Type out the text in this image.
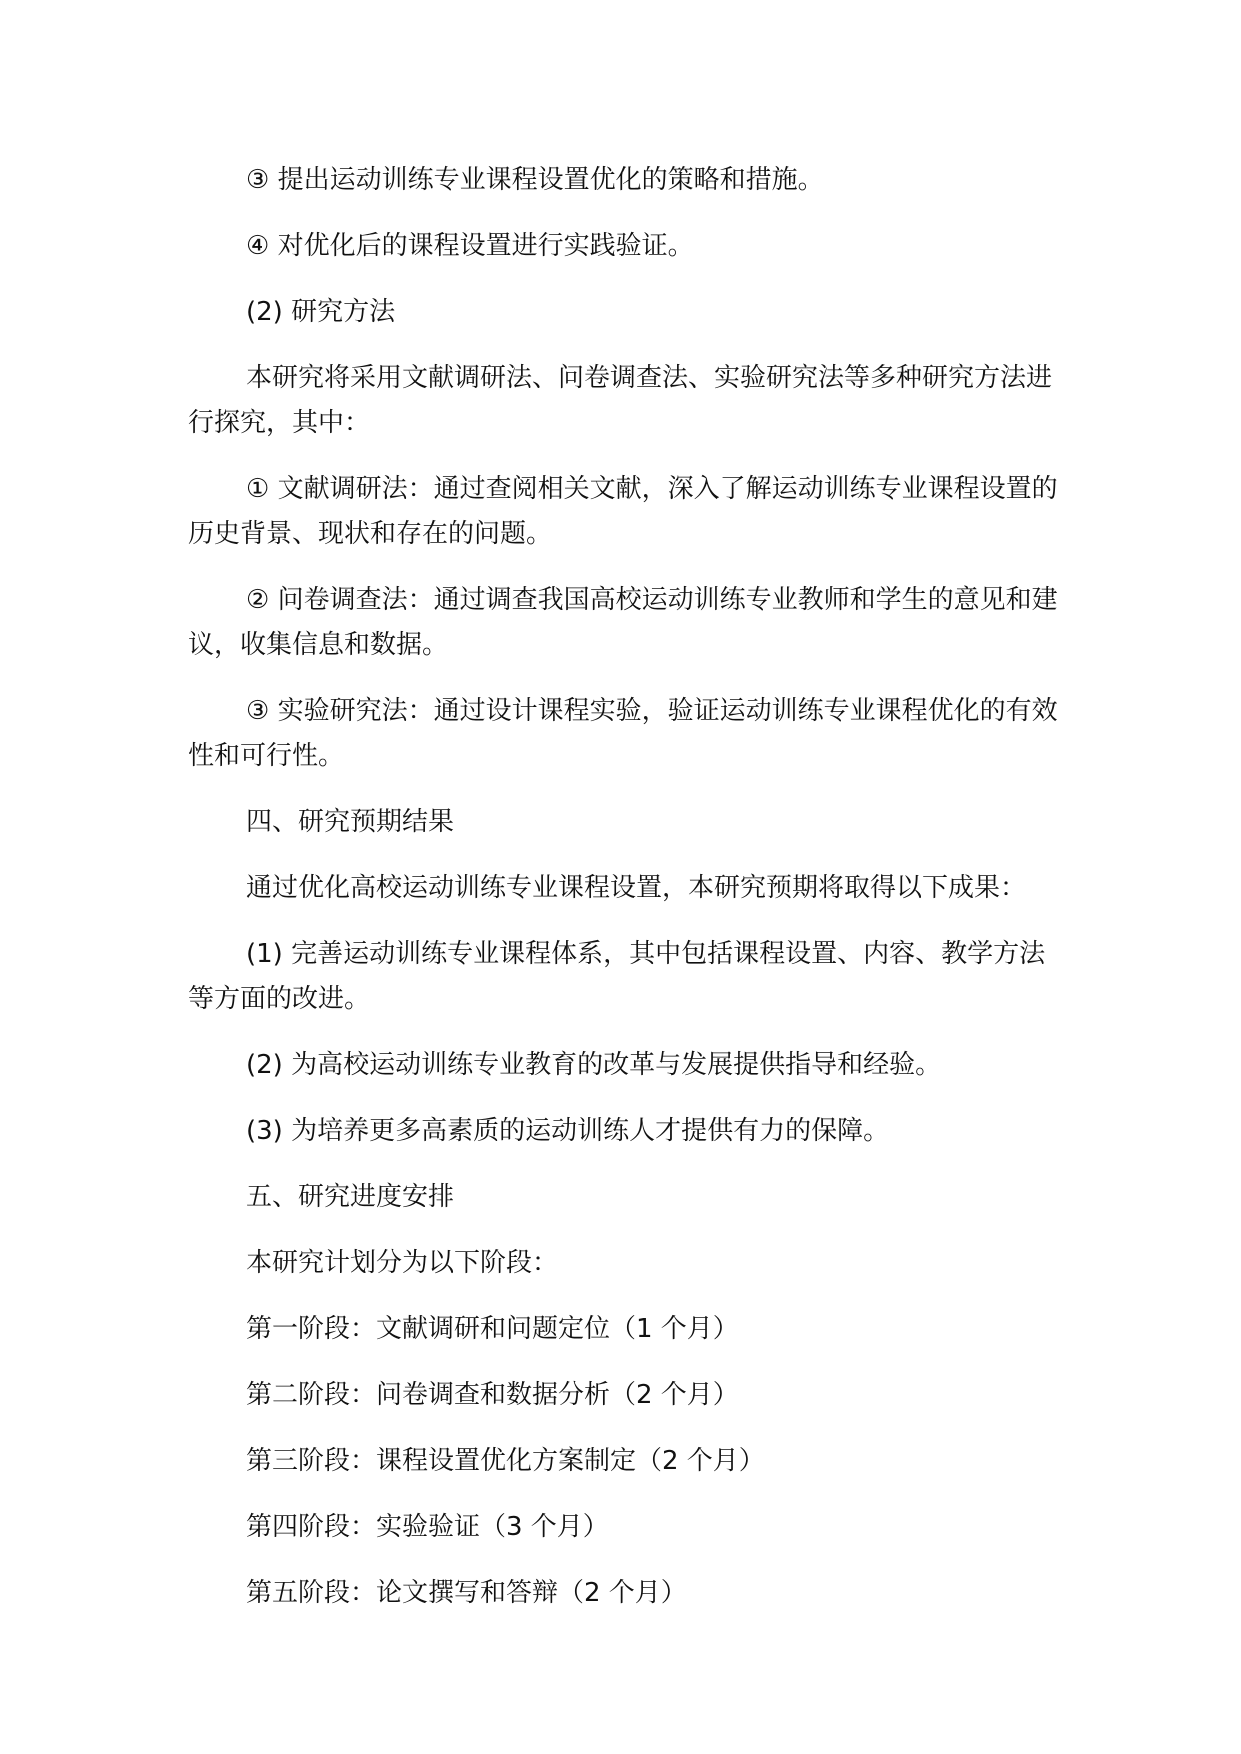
③ 提出运动训练专业课程设置优化的策略和措施。

④ 对优化后的课程设置进行实践验证。

(2) 研究方法

本研究将采用文献调研法、问卷调查法、实验研究法等多种研究方法进行探究，其中：

① 文献调研法：通过查阅相关文献，深入了解运动训练专业课程设置的历史背景、现状和存在的问题。

② 问卷调查法：通过调查我国高校运动训练专业教师和学生的意见和建议，收集信息和数据。

③ 实验研究法：通过设计课程实验，验证运动训练专业课程优化的有效性和可行性。

四、研究预期结果

通过优化高校运动训练专业课程设置，本研究预期将取得以下成果：

(1) 完善运动训练专业课程体系，其中包括课程设置、内容、教学方法等方面的改进。

(2) 为高校运动训练专业教育的改革与发展提供指导和经验。

(3) 为培养更多高素质的运动训练人才提供有力的保障。

五、研究进度安排

本研究计划分为以下阶段：

第一阶段：文献调研和问题定位（1 个月）

第二阶段：问卷调查和数据分析（2 个月）

第三阶段：课程设置优化方案制定（2 个月）

第四阶段：实验验证（3 个月）

第五阶段：论文撰写和答辩（2 个月）
